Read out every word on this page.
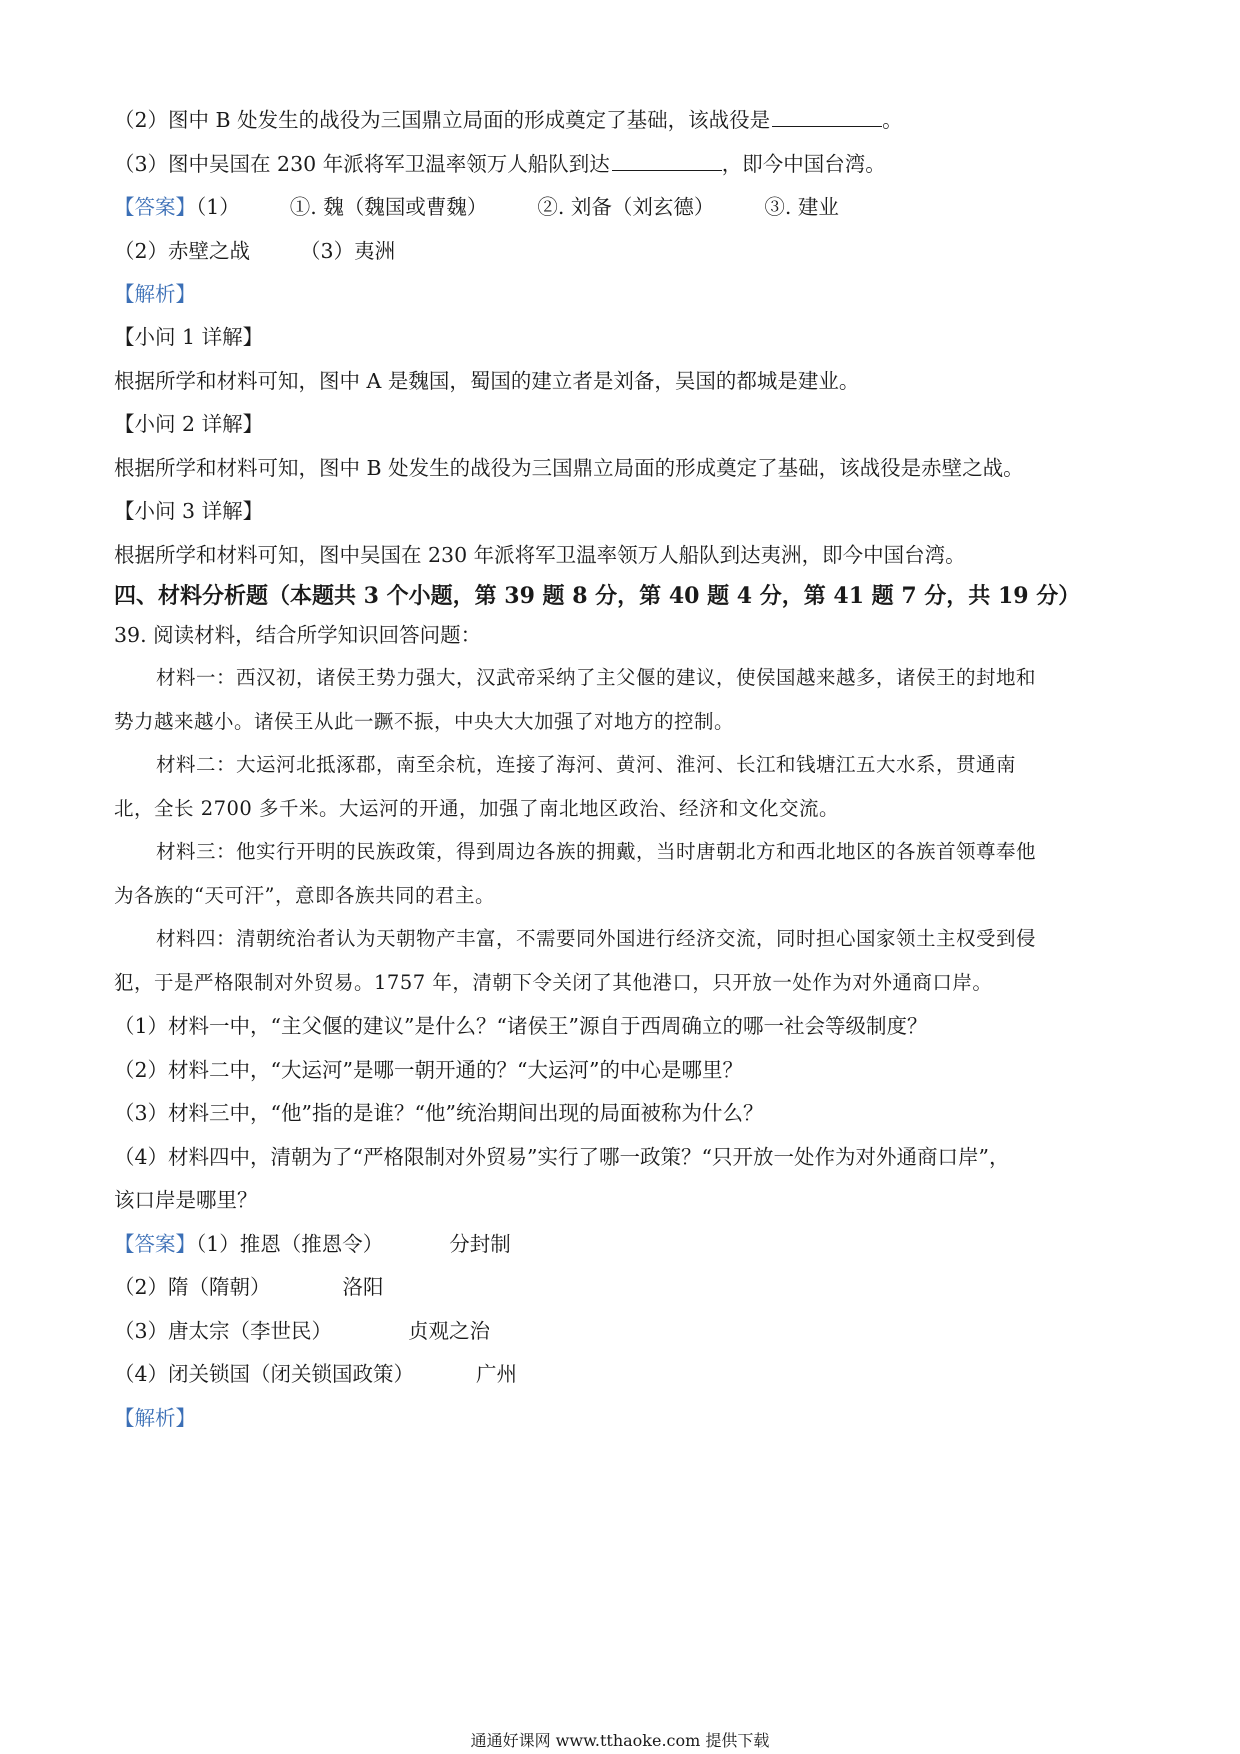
（2）图中 B 处发生的战役为三国鼎立局面的形成奠定了基础，该战役是	。
（3）图中吴国在 230 年派将军卫温率领万人船队到达	，即今中国台湾。
【答案】（1） ①. 魏（魏国或曹魏） ②. 刘备（刘玄德） ③. 建业
（2）赤壁之战 （3）夷洲
【解析】
【小问 1 详解】
根据所学和材料可知，图中 A 是魏国，蜀国的建立者是刘备，吴国的都城是建业。
【小问 2 详解】
根据所学和材料可知，图中 B 处发生的战役为三国鼎立局面的形成奠定了基础，该战役是赤壁之战。
【小问 3 详解】
根据所学和材料可知，图中吴国在 230 年派将军卫温率领万人船队到达夷洲，即今中国台湾。
四、材料分析题（本题共 3 个小题，第 39 题 8 分，第 40 题 4 分，第 41 题 7 分，共 19 分）
39. 阅读材料，结合所学知识回答问题：
材料一：西汉初，诸侯王势力强大，汉武帝采纳了主父偃的建议，使侯国越来越多，诸侯王的封地和
势力越来越小。诸侯王从此一蹶不振，中央大大加强了对地方的控制。
材料二：大运河北抵涿郡，南至余杭，连接了海河、黄河、淮河、长江和钱塘江五大水系，贯通南
北，全长 2700 多千米。大运河的开通，加强了南北地区政治、经济和文化交流。
材料三：他实行开明的民族政策，得到周边各族的拥戴，当时唐朝北方和西北地区的各族首领尊奉他
为各族的“天可汗”，意即各族共同的君主。
材料四：清朝统治者认为天朝物产丰富，不需要同外国进行经济交流，同时担心国家领土主权受到侵
犯，于是严格限制对外贸易。1757 年，清朝下令关闭了其他港口，只开放一处作为对外通商口岸。
（1）材料一中，“主父偃的建议”是什么？“诸侯王”源自于西周确立的哪一社会等级制度？
（2）材料二中，“大运河”是哪一朝开通的？“大运河”的中心是哪里？
（3）材料三中，“他”指的是谁？“他”统治期间出现的局面被称为什么？
（4）材料四中，清朝为了“严格限制对外贸易”实行了哪一政策？“只开放一处作为对外通商口岸”，
该口岸是哪里？
【答案】（1）推恩（推恩令）	分封制
（2）隋（隋朝）	洛阳
（3）唐太宗（李世民）	贞观之治
（4）闭关锁国（闭关锁国政策）	广州
【解析】
通通好课网 www.tthaoke.com 提供下载
